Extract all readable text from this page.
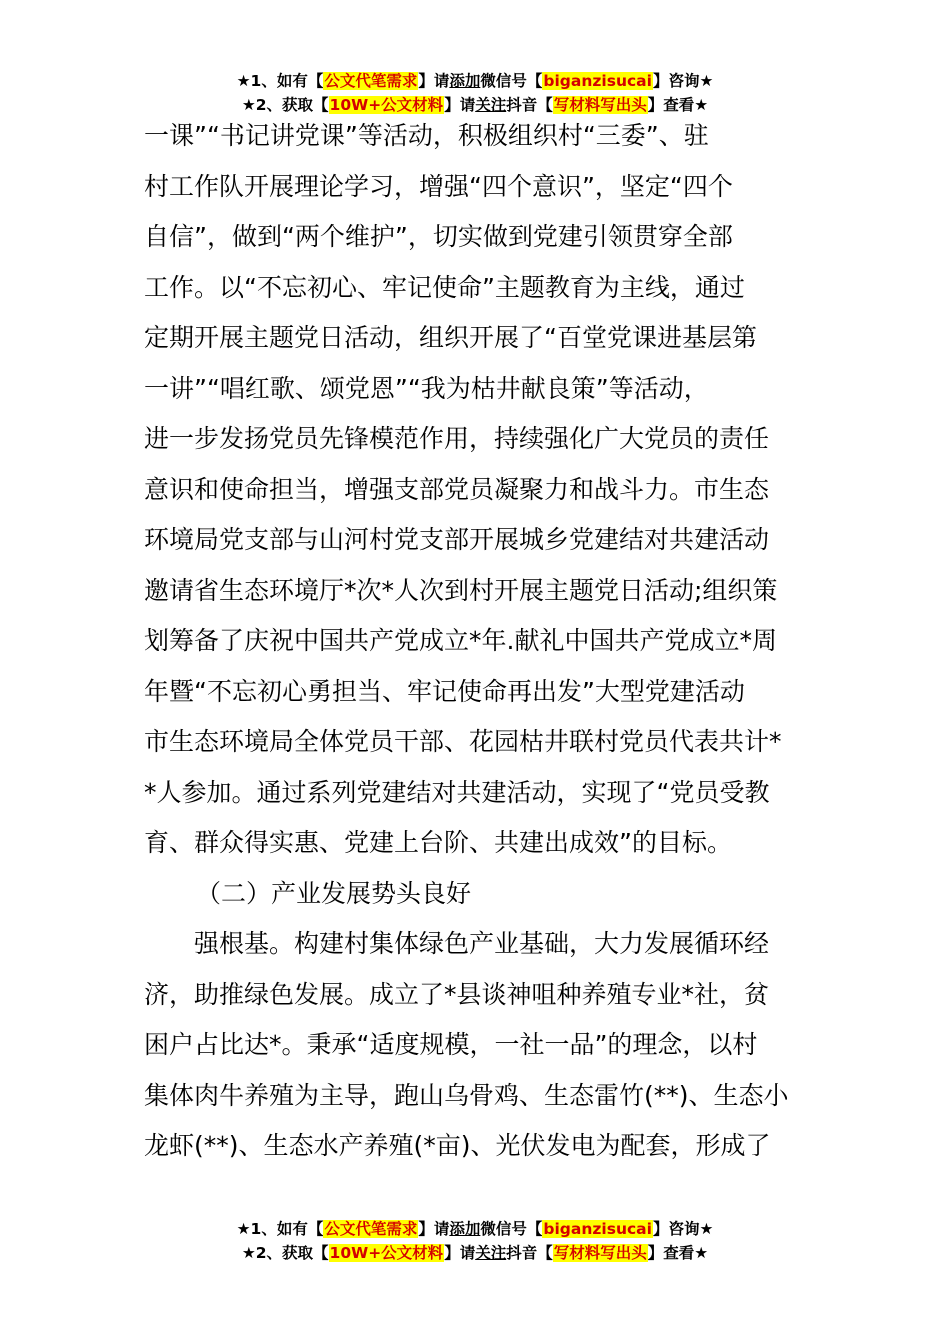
★1、如有【公文代笔需求】请添加微信号【biganzisucai】咨询★
★2、获取【10W+公文材料】请关注抖音【写材料写出头】查看★
一课”“书记讲党课”等活动，积极组织村“三委”、驻
村工作队开展理论学习，增强“四个意识”，坚定“四个
自信”，做到“两个维护”，切实做到党建引领贯穿全部
工作。以“不忘初心、牢记使命”主题教育为主线，通过
定期开展主题党日活动，组织开展了“百堂党课进基层第
一讲”“唱红歌、颂党恩”“我为枯井献良策”等活动，
进一步发扬党员先锋模范作用，持续强化广大党员的责任
意识和使命担当，增强支部党员凝聚力和战斗力。市生态
环境局党支部与山河村党支部开展城乡党建结对共建活动
邀请省生态环境厅*次*人次到村开展主题党日活动;组织策
划筹备了庆祝中国共产党成立*年.献礼中国共产党成立*周
年暨“不忘初心勇担当、牢记使命再出发”大型党建活动
市生态环境局全体党员干部、花园枯井联村党员代表共计*
*人参加。通过系列党建结对共建活动，实现了“党员受教
育、群众得实惠、党建上台阶、共建出成效”的目标。
（二）产业发展势头良好
强根基。构建村集体绿色产业基础，大力发展循环经
济，助推绿色发展。成立了*县谈神咀种养殖专业*社，贫
困户占比达*。秉承“适度规模，一社一品”的理念，以村
集体肉牛养殖为主导，跑山乌骨鸡、生态雷竹(**)、生态小
龙虾(**)、生态水产养殖(*亩)、光伏发电为配套，形成了
★1、如有【公文代笔需求】请添加微信号【biganzisucai】咨询★
★2、获取【10W+公文材料】请关注抖音【写材料写出头】查看★
